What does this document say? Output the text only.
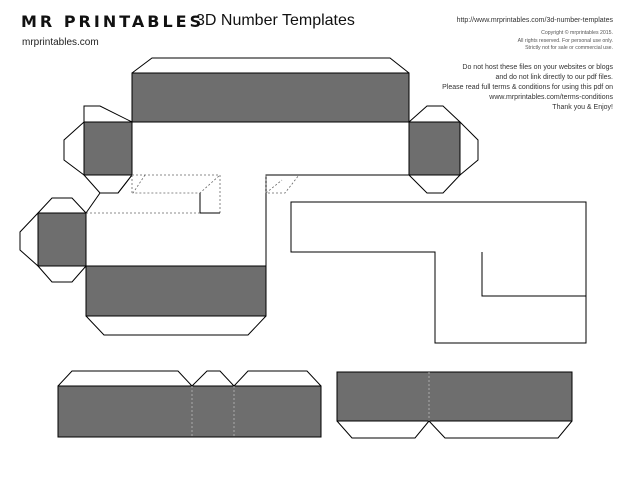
MR PRINTABLES
mrprintables.com
3D Number Templates	http://www.mrprintables.com/3d-number-templates
Copyright © mrprintables 2015.
All rights reserved. For personal use only.
Strictly not for sale or commercial use.
Do not host these files on your websites or blogs
and do not link directly to our pdf files.
Please read full terms & conditions for using this pdf on
www.mrprintables.com/terms-conditions
Thank you & Enjoy!
